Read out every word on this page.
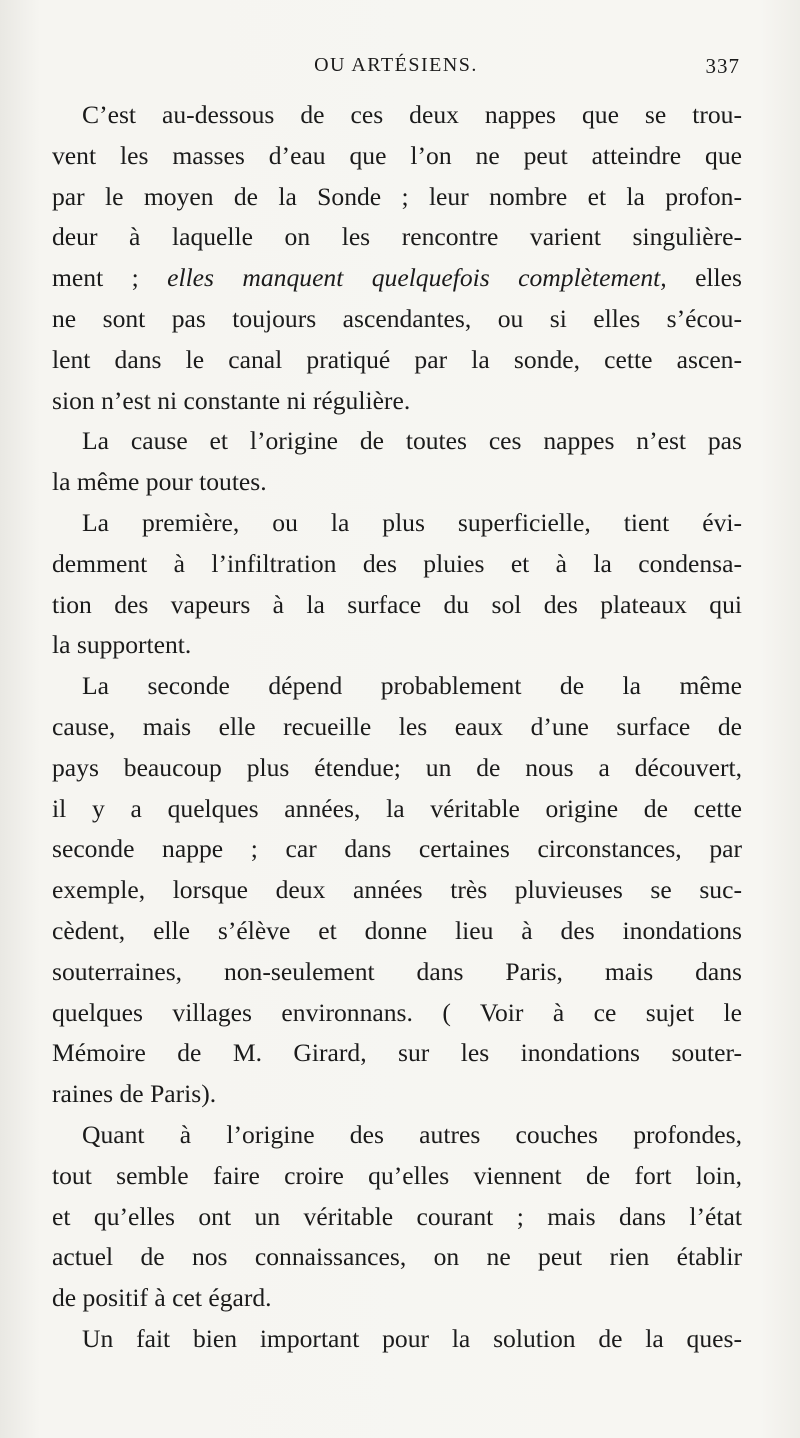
OU ARTÉSIENS.	337
C’est au-dessous de ces deux nappes que se trou-
vent les masses d’eau que l’on ne peut atteindre que
par le moyen de la Sonde ; leur nombre et la profon-
deur à laquelle on les rencontre varient singulière-
ment ; elles manquent quelquefois complètement, elles
ne sont pas toujours ascendantes, ou si elles s’écou-
lent dans le canal pratiqué par la sonde, cette ascen-
sion n’est ni constante ni régulière.
La cause et l’origine de toutes ces nappes n’est pas
la même pour toutes.
La première, ou la plus superficielle, tient évi-
demment à l’infiltration des pluies et à la condensa-
tion des vapeurs à la surface du sol des plateaux qui
la supportent.
La seconde dépend probablement de la même
cause, mais elle recueille les eaux d’une surface de
pays beaucoup plus étendue; un de nous a découvert,
il y a quelques années, la véritable origine de cette
seconde nappe ; car dans certaines circonstances, par
exemple, lorsque deux années très pluvieuses se suc-
cèdent, elle s’élève et donne lieu à des inondations
souterraines, non-seulement dans Paris, mais dans
quelques villages environnans. ( Voir à ce sujet le
Mémoire de M. Girard, sur les inondations souter-
raines de Paris).
Quant à l’origine des autres couches profondes,
tout semble faire croire qu’elles viennent de fort loin,
et qu’elles ont un véritable courant ; mais dans l’état
actuel de nos connaissances, on ne peut rien établir
de positif à cet égard.
Un fait bien important pour la solution de la ques-
